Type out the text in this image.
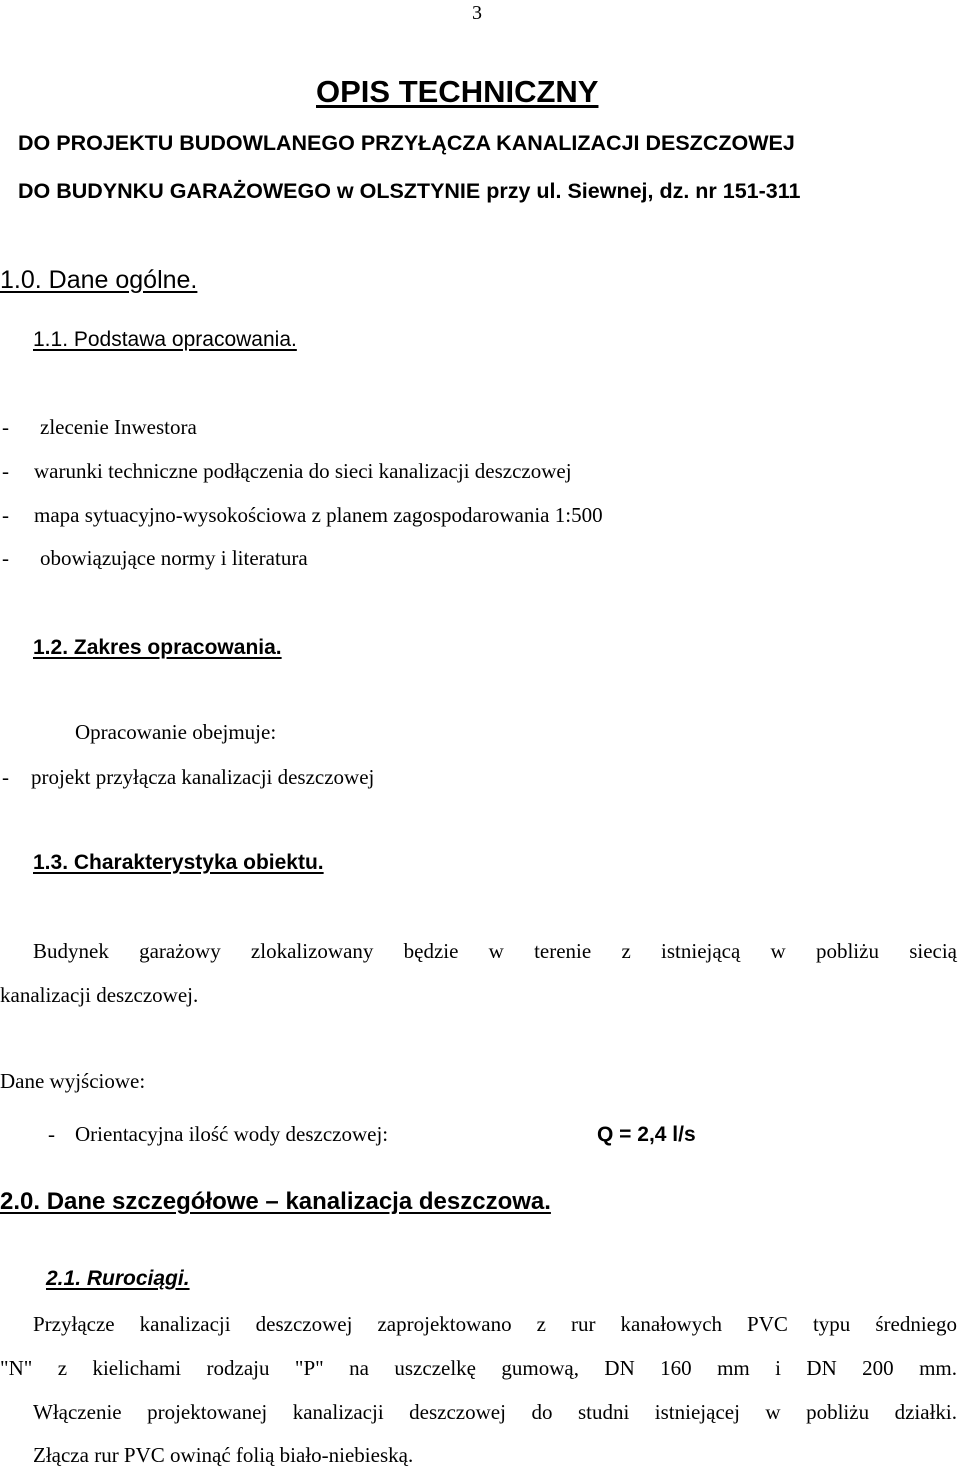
3
OPIS TECHNICZNY
DO PROJEKTU BUDOWLANEGO PRZYŁĄCZA KANALIZACJI DESZCZOWEJ
DO BUDYNKU GARAŻOWEGO w OLSZTYNIE przy ul. Siewnej, dz. nr 151-311
1.0. Dane ogólne.
1.1. Podstawa opracowania.
- zlecenie Inwestora
- warunki techniczne podłączenia do sieci kanalizacji deszczowej
- mapa sytuacyjno-wysokościowa z planem zagospodarowania 1:500
- obowiązujące normy i literatura
1.2. Zakres opracowania.
Opracowanie obejmuje:
- projekt przyłącza kanalizacji deszczowej
1.3. Charakterystyka obiektu.
Budynek garażowy zlokalizowany będzie w terenie z istniejącą w pobliżu siecią
kanalizacji deszczowej.
Dane wyjściowe:
- Orientacyjna ilość wody deszczowej:	Q = 2,4 l/s
2.0. Dane szczegółowe – kanalizacja deszczowa.
2.1. Rurociągi.
Przyłącze kanalizacji deszczowej zaprojektowano z rur kanałowych PVC typu średniego
"N" z kielichami rodzaju "P" na uszczelkę gumową, DN 160 mm i DN 200 mm.
Włączenie projektowanej kanalizacji deszczowej do studni istniejącej w pobliżu działki.
Złącza rur PVC owinąć folią biało-niebieską.
